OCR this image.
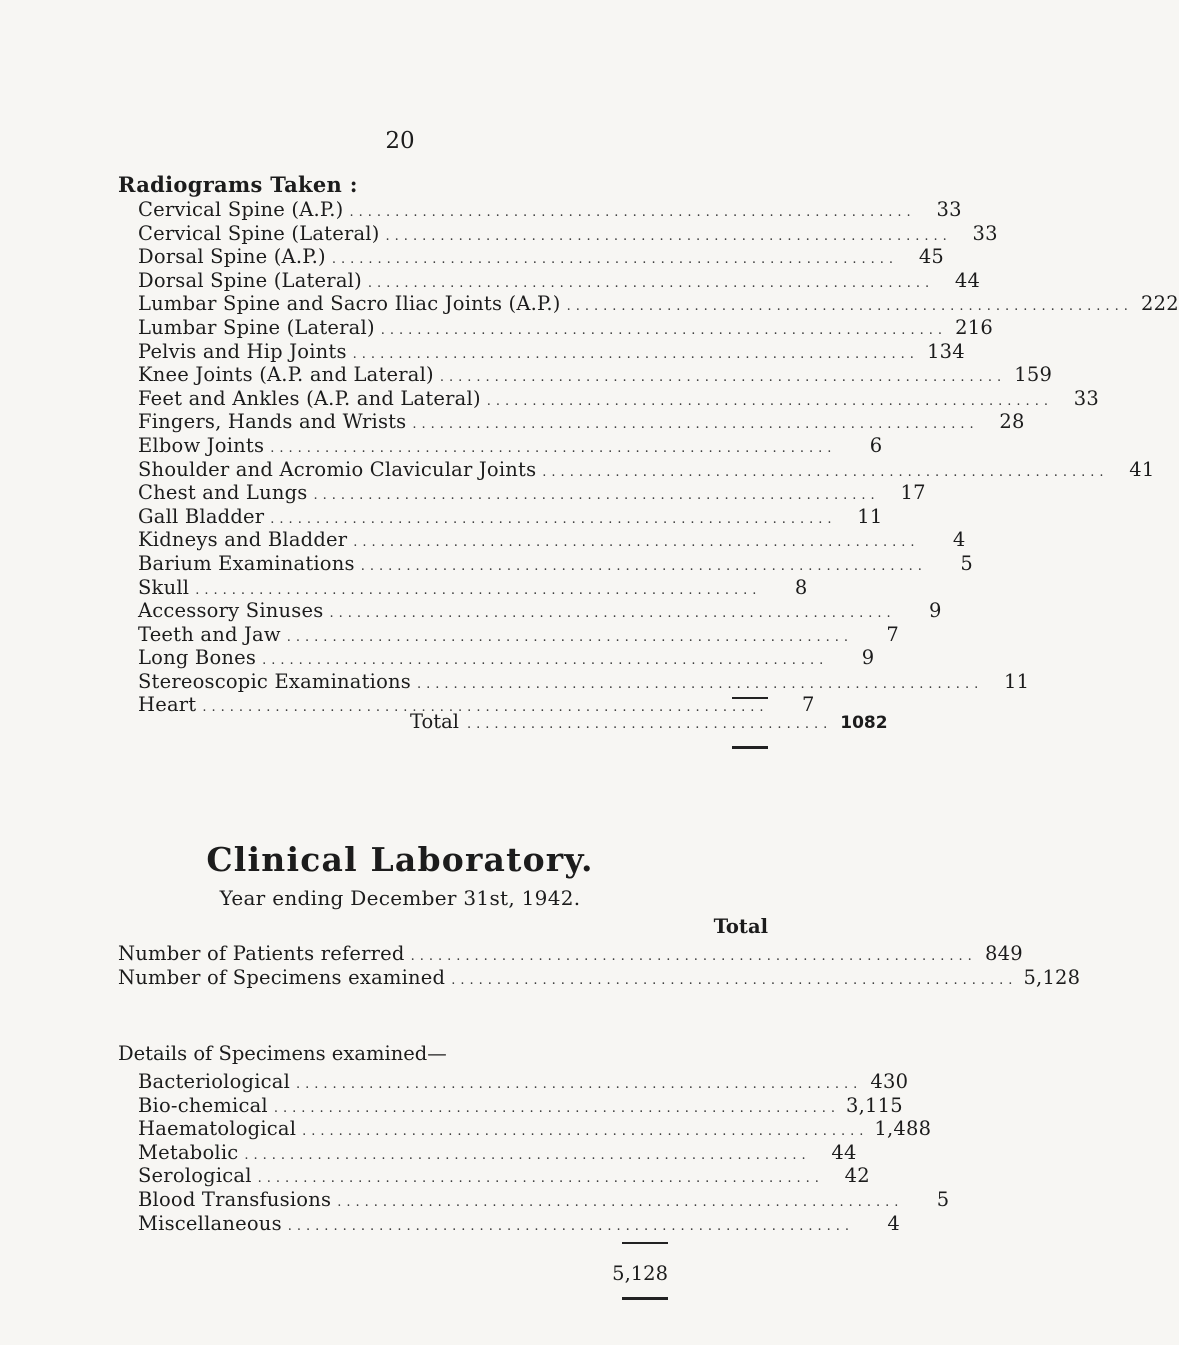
20
Radiograms Taken :
Cervical Spine (A.P.) ..............................................................	33
Cervical Spine (Lateral) ..............................................................	33
Dorsal Spine (A.P.) ..............................................................	45
Dorsal Spine (Lateral) ..............................................................	44
Lumbar Spine and Sacro Iliac Joints (A.P.) .............................................................. 222
Lumbar Spine (Lateral) .............................................................. 216
Pelvis and Hip Joints .............................................................. 134
Knee Joints (A.P. and Lateral) .............................................................. 159
Feet and Ankles (A.P. and Lateral) ..............................................................	33
Fingers, Hands and Wrists ..............................................................	28
Elbow Joints ..............................................................	6
Shoulder and Acromio Clavicular Joints ..............................................................	41
Chest and Lungs ..............................................................	17
Gall Bladder ..............................................................	11
Kidneys and Bladder ..............................................................	4
Barium Examinations ..............................................................	5
Skull ..............................................................	8
Accessory Sinuses ..............................................................	9
Teeth and Jaw ..............................................................	7
Long Bones ..............................................................	9
Stereoscopic Examinations ..............................................................	11
Heart ..............................................................	7
Total ........................................ 1082
Clinical Laboratory.
Year ending December 31st, 1942.
Total
Number of Patients referred .............................................................. 849
Number of Specimens examined .............................................................. 5,128
Details of Specimens examined—
Bacteriological .............................................................. 430
Bio-chemical .............................................................. 3,115
Haematological .............................................................. 1,488
Metabolic ..............................................................	44
Serological ..............................................................	42
Blood Transfusions ..............................................................	5
Miscellaneous ..............................................................	4
5,128
